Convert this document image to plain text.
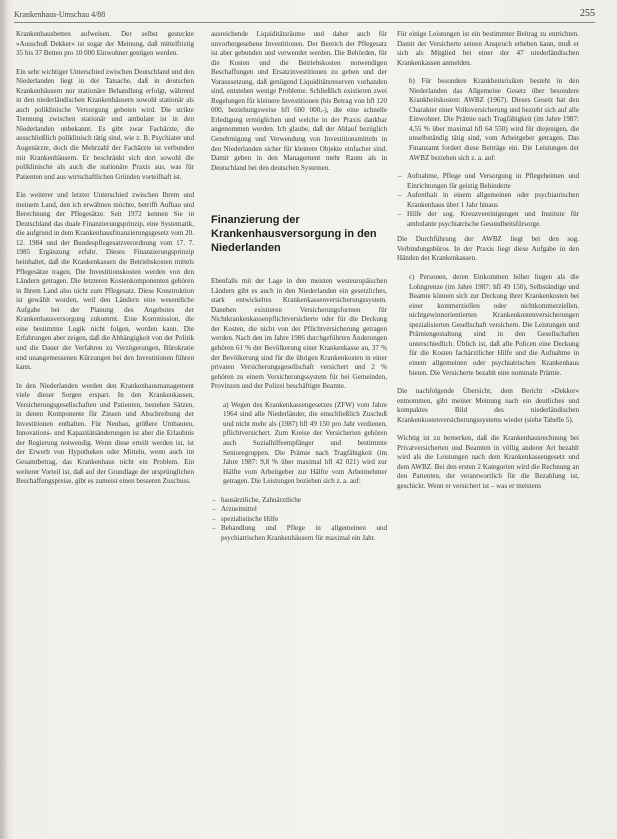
Krankenhaus-Umschau 4/88	255

Krankenhausbetten aufweisen. Der selbst gesteckte »Ausschuß Dekker« ist sogar der Meinung, daß mittelfristig 35 bis 37 Betten pro 10 000 Einwohner genügen werden.

Ein sehr wichtiger Unterschied zwischen Deutschland und den Niederlanden liegt in der Tatsache, daß in deutschen Krankenhäusern nur stationäre Behandlung erfolgt, während in den niederländischen Krankenhäusern sowohl stationär als auch poliklinische Versorgung geboten wird. Die strikte Trennung zwischen stationär und ambulant ist in den Niederlanden unbekannt. Es gibt zwar Fachärzte, die ausschließlich poliklinisch tätig sind, wie z. B. Psychiater und Augenärzte, doch die Mehrzahl der Fachärzte ist verbunden mit Krankenhäusern. Er beschränkt sich dort sowohl die poliklinische als auch die stationäre Praxis aus, was für Patienten und aus wirtschaftlichen Gründen vorteilhaft ist.

Ein weiterer und letzter Unterschied zwischen Ihrem und meinem Land, den ich erwähnen möchte, betrifft Aufbau und Berechnung der Pflegesätze. Seit 1972 kennen Sie in Deutschland das duale Finanzierungsprinzip, eine Systematik, die aufgrund in dem Krankenhausfinanzierungsgesetz vom 20. 12. 1984 und der Bundespflegesatzverordnung vom 17. 7. 1985 Ergänzung erfuhr. Dieses Finanzierungsprinzip beinhaltet, daß die Krankenkassen die Betriebskosten mittels Pflegesätze tragen. Die Investitionskosten werden von den Ländern getragen. Die letzteren Kostenkomponenten gehören in Ihrem Land also nicht zum Pflegesatz. Diese Konstruktion ist gewählt worden, weil den Ländern eine wesentliche Aufgabe bei der Planung des Angebotes der Krankenhausversorgung zukommt. Eine Kommission, die eine bestimmte Logik nicht folgen, worden kann. Die Erfahrungen aber zeigen, daß die Abhängigkeit von der Politik und die Dauer der Verfahren zu Verzögerungen, Bürokratie und unangemessenen Kürzungen bei den Investitionen führen kann.

In den Niederlanden werden den Krankenhausmanagement viele dieser Sorgen erspart. In den Krankenkassen, Versicherungsgesellschaften und Patienten, bestehen Sätzen, in denen Komponente für Zinsen und Abschreibung der Investitionen enthalten. Für Neubau, größere Umbauten, Innovations- und Kapazitätsänderungen ist aber die Erlaubnis der Regierung notwendig. Wenn diese erteilt werden ist, ist der Erwerb von Hypotheken oder Mitteln, wenn auch im Gesamtbetrag, das Krankenhaus nicht ein Problem. Ein weiterer Vorteil ist, daß auf der Grundlage der ursprünglichen Beschaffungspreise, gibt es zumeist einen besseren Zuschuss.

ausreichende Liquiditätsräume und daher auch für unvorhergesehene Investitionen. Der Bereich der Pflegesatz ist aber gebunden und verwendet werden. Die Behörden, für die Kosten und die Betriebskosten notwendigen Beschaffungen und Ersatzinvestitionen zu geben und der Voraussetzung, daß genügend Liquiditätsreserven vorhanden sind, entstehen wenige Probleme. Schließlich existieren zwei Regelungen für kleinere Investitionen (bis Betrag von hfl 120 000, beziehungsweise hfl 600 000,-), die eine schnelle Erledigung ermöglichen und welche in der Praxis dankbar angenommen werden. Ich glaube, daß der Ablauf bezüglich Genehmigung und Verwendung von Investitionsmitteln in den Niederlanden sicher für kleinere Objekte einfacher sind. Damit geben in den Management mehr Raum als in Deutschland bei den deutschen Systemen.

Finanzierung der Krankenhausversorgung in den Niederlanden

Ebenfalls mit der Lage in den meisten westeuropäischen Ländern gibt es auch in den Niederlanden ein gesetzliches, stark entwickeltes Krankenkassenversicherungssystem. Daneben existieren Versicherungsformen für Nichtkrankenkassenpflichtversicherte oder für die Deckung der Kosten, die nicht von der Pflichtversicherung getragen werden. Nach den im Jahre 1986 durchgeführten Änderungen gehören 61 % der Bevölkerung einer Krankenkasse an, 37 % der Bevölkerung sind für die übrigen Krankenkosten in einer privaten Versicherungsgesellschaft versichert und 2 % gehören zu einem Versicherungssystem für bei Gemeinden, Provinzen und der Polizei beschäftigte Beamte.

a) Wegen des Krankenkassengesetzes (ZFW) vom Jahre 1964 sind alle Niederländer, die einschließlich Zuschuß und nicht mehr als (1987) hfl 49 150 pro Jahr verdienen, pflichtversichert. Zum Kreise der Versicherten gehören auch Sozialhilfeempfänger und bestimmte Senioregruppen. Die Prämie nach Tragfähigkeit (im Jahre 1987: 9,8 % über maximal hfl 42 021) wird zur Hälfte vom Arbeitgeber zur Hälfte vom Arbeitnehmer getragen. Die Leistungen beziehen sich z. a. auf:

– hausärztliche, Zahnärztliche
– Arzneimittel
– spezialistische Hilfe
– Behandlung und Pflege in allgemeinen und psychiatrischen Krankenhäusern für maximal ein Jahr.

Für einige Leistungen ist ein bestimmter Beitrag zu entrichten. Damit der Versicherte seinen Anspruch erheben kann, muß er sich als Mitglied bei einer der 47 niederländischen Krankenkassen anmelden.

b) Für besondere Krankheitsrisiken besteht in den Niederlanden das Allgemeine Gesetz über besondere Krankheitskosten: AWBZ (1967). Dieses Gesetz hat den Charakter einer Volksversicherung und bezieht sich auf alle Einwohner. Die Prämie nach Tragfähigkeit (im Jahre 1987: 4,55 % über maximal hfl 64 550) wird für diejenigen, die unselbständig tätig sind, vom Arbeitgeber getragen. Das Finanzamt fordert diese Beiträge ein. Die Leistungen der AWBZ beziehen sich z. a. auf:

– Aufnahme, Pflege und Versorgung in Pflegeheimen und Einrichtungen für geistig Behinderte
– Aufenthalt in einem allgemeinen oder psychiatrischen Krankenhaus über 1 Jahr hinaus
– Hilfe der sog. Kreuzvereinigungen und Institute für ambulante psychiatrische Gesundheitsfürsorge.

Die Durchführung der AWBZ liegt bei den sog. Verbindungsbüros. In der Praxis liegt diese Aufgabe in den Händen der Krankenkassen.

c) Personen, deren Einkommen höher liegen als die Lohngrenze (im Jahre 1987: hfl 49 150), Selbständige und Beamte können sich zur Deckung ihrer Krankenkosten bei einer kommerziellen oder nichtkommerziellen, nichtgewinnorientierten Krankenkostenversicherungen spezialisierten Gesellschaft versichern. Die Leistungen und Prämiengestaltung sind in den Gesellschaften unterschiedlich. Üblich ist, daß alle Policen eine Deckung für die Kosten fachärztlicher Hilfe und die Aufnahme in einem allgemeinen oder psychiatrischen Krankenhaus bieten. Die Versicherte bezahlt eine nominale Prämie.

Die nachfolgende Übersicht, dem Bericht »Dekker« entnommen, gibt meiner Meinung nach ein deutliches und kompaktes Bild des niederländischen Krankenkostenversicherungssystems wieder (siehe Tabelle 5).

Wichtig ist zu bemerken, daß die Krankenhausrechnung bei Privatversicherten und Beamten in völlig anderer Art bezahlt wird als die Leistungen nach dem Krankenkassengesetz und dem AWBZ. Bei den ersten 2 Kategorien wird die Rechnung an den Patienten, der verantwortlich für die Bezahlung ist, geschickt. Wenn er versichert ist – was er meistens
